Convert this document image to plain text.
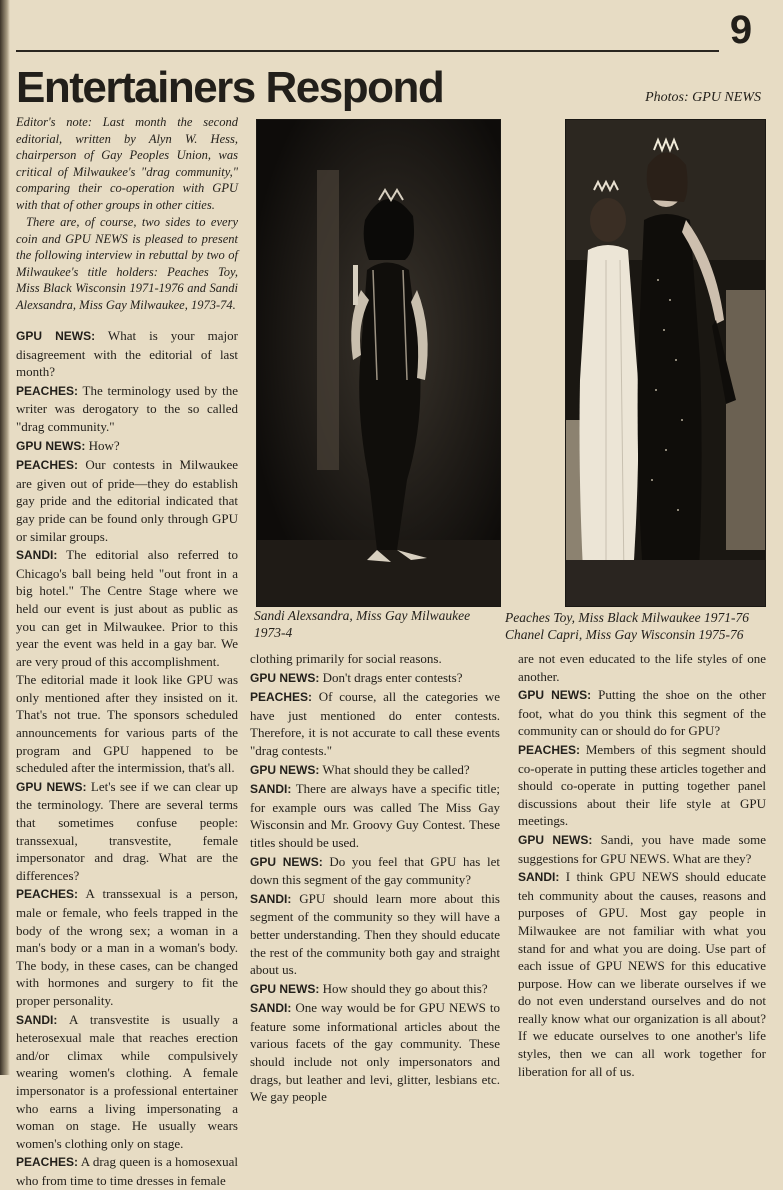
9
Entertainers Respond	Photos: GPU NEWS

Editor's note: Last month the second editorial, written by Alyn W. Hess, chairperson of Gay Peoples Union, was critical of Milwaukee's "drag community," comparing their co-operation with GPU with that of other groups in other cities.

There are, of course, two sides to every coin and GPU NEWS is pleased to present the following interview in rebuttal by two of Milwaukee's title holders: Peaches Toy, Miss Black Wisconsin 1971-1976 and Sandi Alexsandra, Miss Gay Milwaukee, 1973-74.

GPU NEWS: What is your major disagreement with the editorial of last month?

PEACHES: The terminology used by the writer was derogatory to the so called "drag community."

GPU NEWS: How?

PEACHES: Our contests in Milwaukee are given out of pride—they do establish gay pride and the editorial indicated that gay pride can be found only through GPU or similar groups.

SANDI: The editorial also referred to Chicago's ball being held "out front in a big hotel." The Centre Stage where we held our event is just about as public as you can get in Milwaukee. Prior to this year the event was held in a gay bar. We are very proud of this accomplishment.

The editorial made it look like GPU was only mentioned after they insisted on it. That's not true. The sponsors scheduled announcements for various parts of the program and GPU happened to be scheduled after the intermission, that's all.

GPU NEWS: Let's see if we can clear up the terminology. There are several terms that sometimes confuse people: transsexual, transvestite, female impersonator and drag. What are the differences?

PEACHES: A transsexual is a person, male or female, who feels trapped in the body of the wrong sex; a woman in a man's body or a man in a woman's body. The body, in these cases, can be changed with hormones and surgery to fit the proper personality.

SANDI: A transvestite is usually a heterosexual male that reaches erection and/or climax while compulsively wearing women's clothing. A female impersonator is a professional entertainer who earns a living impersonating a woman on stage. He usually wears women's clothing only on stage.

PEACHES: A drag queen is a homosexual who from time to time dresses in female

Sandi Alexsandra, Miss Gay Milwaukee 1973-4
Peaches Toy, Miss Black Milwaukee 1971-76
Chanel Capri, Miss Gay Wisconsin 1975-76

clothing primarily for social reasons.

GPU NEWS: Don't drags enter contests?

PEACHES: Of course, all the categories we have just mentioned do enter contests. Therefore, it is not accurate to call these events "drag contests."

GPU NEWS: What should they be called?

SANDI: There are always have a specific title; for example ours was called The Miss Gay Wisconsin and Mr. Groovy Guy Contest. These titles should be used.

GPU NEWS: Do you feel that GPU has let down this segment of the gay community?

SANDI: GPU should learn more about this segment of the community so they will have a better understanding. Then they should educate the rest of the community both gay and straight about us.

GPU NEWS: How should they go about this?

SANDI: One way would be for GPU NEWS to feature some informational articles about the various facets of the gay community. These should include not only impersonators and drags, but leather and levi, glitter, lesbians etc. We gay people

are not even educated to the life styles of one another.

GPU NEWS: Putting the shoe on the other foot, what do you think this segment of the community can or should do for GPU?

PEACHES: Members of this segment should co-operate in putting these articles together and should co-operate in putting together panel discussions about their life style at GPU meetings.

GPU NEWS: Sandi, you have made some suggestions for GPU NEWS. What are they?

SANDI: I think GPU NEWS should educate teh community about the causes, reasons and purposes of GPU. Most gay people in Milwaukee are not familiar with what you stand for and what you are doing. Use part of each issue of GPU NEWS for this educative purpose. How can we liberate ourselves if we do not even understand ourselves and do not really know what our organization is all about? If we educate ourselves to one another's life styles, then we can all work together for liberation for all of us.
